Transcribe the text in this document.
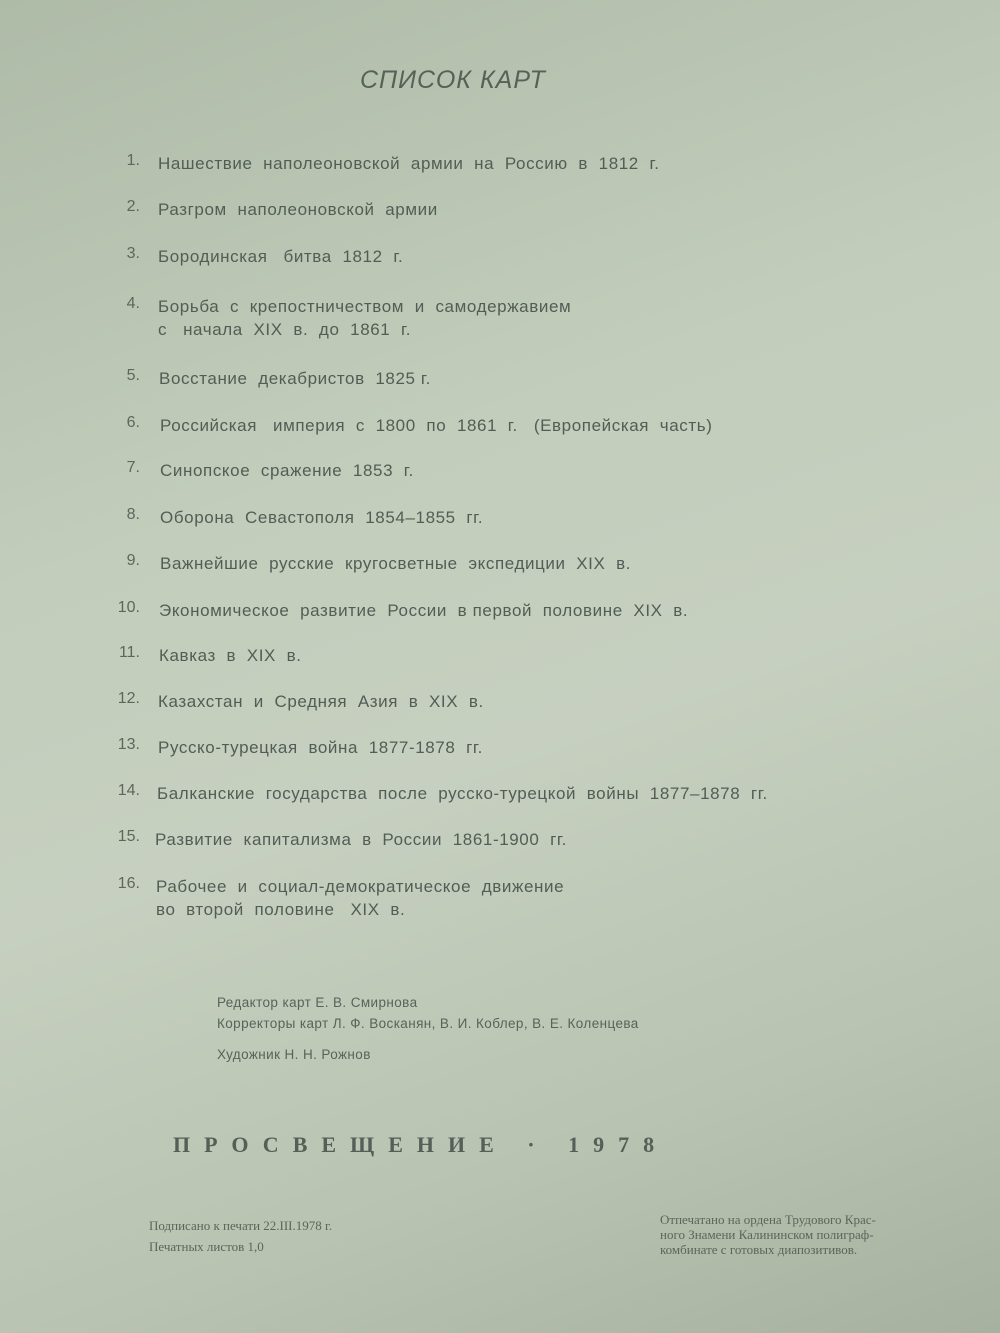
СПИСОК КАРТ
1. Нашествие  наполеоновской  армии  на  Россию  в  1812  г.
2. Разгром  наполеоновской  армии
3. Бородинская   битва  1812  г.
4. Борьба  с  крепостничеством  и  самодержавием
с   начала  XIX  в.  до  1861  г.
5. Восстание  декабристов  1825 г.
6. Российская   империя  с  1800  по  1861  г.   (Европейская  часть)
7. Синопское  сражение  1853  г.
8. Оборона  Севастополя  1854–1855  гг.
9. Важнейшие  русские  кругосветные  экспедиции  XIX  в.
10. Экономическое  развитие  России  в первой  половине  XIX  в.
11. Кавказ  в  XIX  в.
12. Казахстан  и  Средняя  Азия  в  XIX  в.
13. Русско-турецкая  война  1877-1878  гг.
14. Балканские  государства  после  русско-турецкой  войны  1877–1878  гг.
15. Развитие  капитализма  в  России  1861-1900  гг.
16. Рабочее  и  социал-демократическое  движение
во  второй  половине   XIX  в.
Редактор карт Е. В. Смирнова
Корректоры карт Л. Ф. Восканян, В. И. Коблер, В. Е. Коленцева
Художник Н. Н. Рожнов
ПРОСВЕЩЕНИЕ · 1978
Подписано к печати 22.III.1978 г.
Печатных листов 1,0
Отпечатано на ордена Трудового Крас-
ного Знамени Калининском полиграф-
комбинате с готовых диапозитивов.
